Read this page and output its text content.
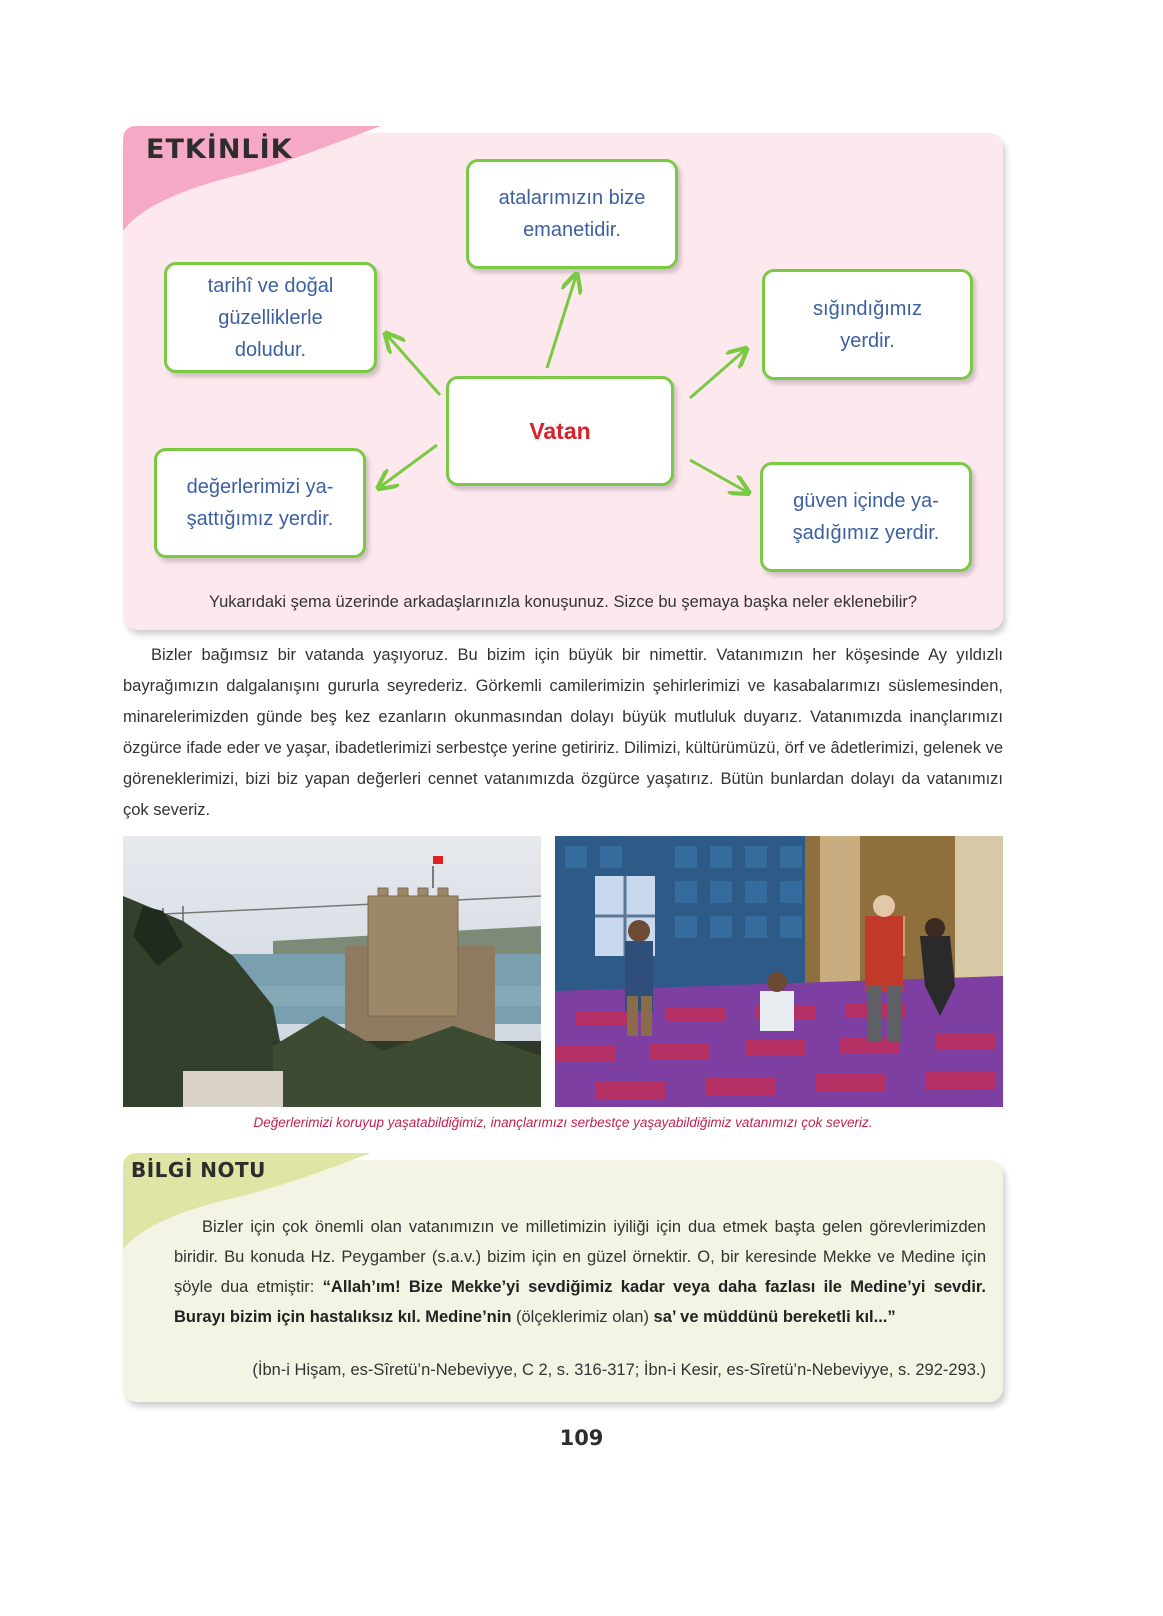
ETKİNLİK
atalarımızın bize
emanetidir.
tarihî ve doğal
güzelliklerle
doludur.
sığındığımız
yerdir.
Vatan
değerlerimizi ya-
şattığımız yerdir.
güven içinde ya-
şadığımız yerdir.
Yukarıdaki şema üzerinde arkadaşlarınızla konuşunuz. Sizce bu şemaya başka neler eklenebilir?
Bizler bağımsız bir vatanda yaşıyoruz. Bu bizim için büyük bir nimettir. Vatanımızın her köşesinde Ay yıldızlı bayrağımızın dalgalanışını gururla seyrederiz. Görkemli camilerimizin şehirlerimizi ve kasabalarımızı süslemesinden, minarelerimizden günde beş kez ezanların okunmasından dolayı büyük mutluluk duyarız. Vatanımızda inançlarımızı özgürce ifade eder ve yaşar, ibadetlerimizi serbestçe yerine getiririz. Dilimizi, kültürümüzü, örf ve âdetlerimizi, gelenek ve göreneklerimizi, bizi biz yapan değerleri cennet vatanımızda özgürce yaşatırız. Bütün bunlardan dolayı da vatanımızı çok severiz.
Değerlerimizi koruyup yaşatabildiğimiz, inançlarımızı serbestçe yaşayabildiğimiz vatanımızı çok severiz.
BİLGİ NOTU
Bizler için çok önemli olan vatanımızın ve milletimizin iyiliği için dua etmek başta gelen görevlerimizden biridir. Bu konuda Hz. Peygamber (s.a.v.) bizim için en güzel örnektir. O, bir keresinde Mekke ve Medine için şöyle dua etmiştir: “Allah’ım! Bize Mekke’yi sevdiğimiz kadar veya daha fazlası ile Medine’yi sevdir. Burayı bizim için hastalıksız kıl. Medine’nin (ölçeklerimiz olan) sa’ ve müddünü bereketli kıl...”
(İbn-i Hişam, es-Sîretü’n-Nebeviyye, C 2, s. 316-317; İbn-i Kesir, es-Sîretü’n-Nebeviyye, s. 292-293.)
109
